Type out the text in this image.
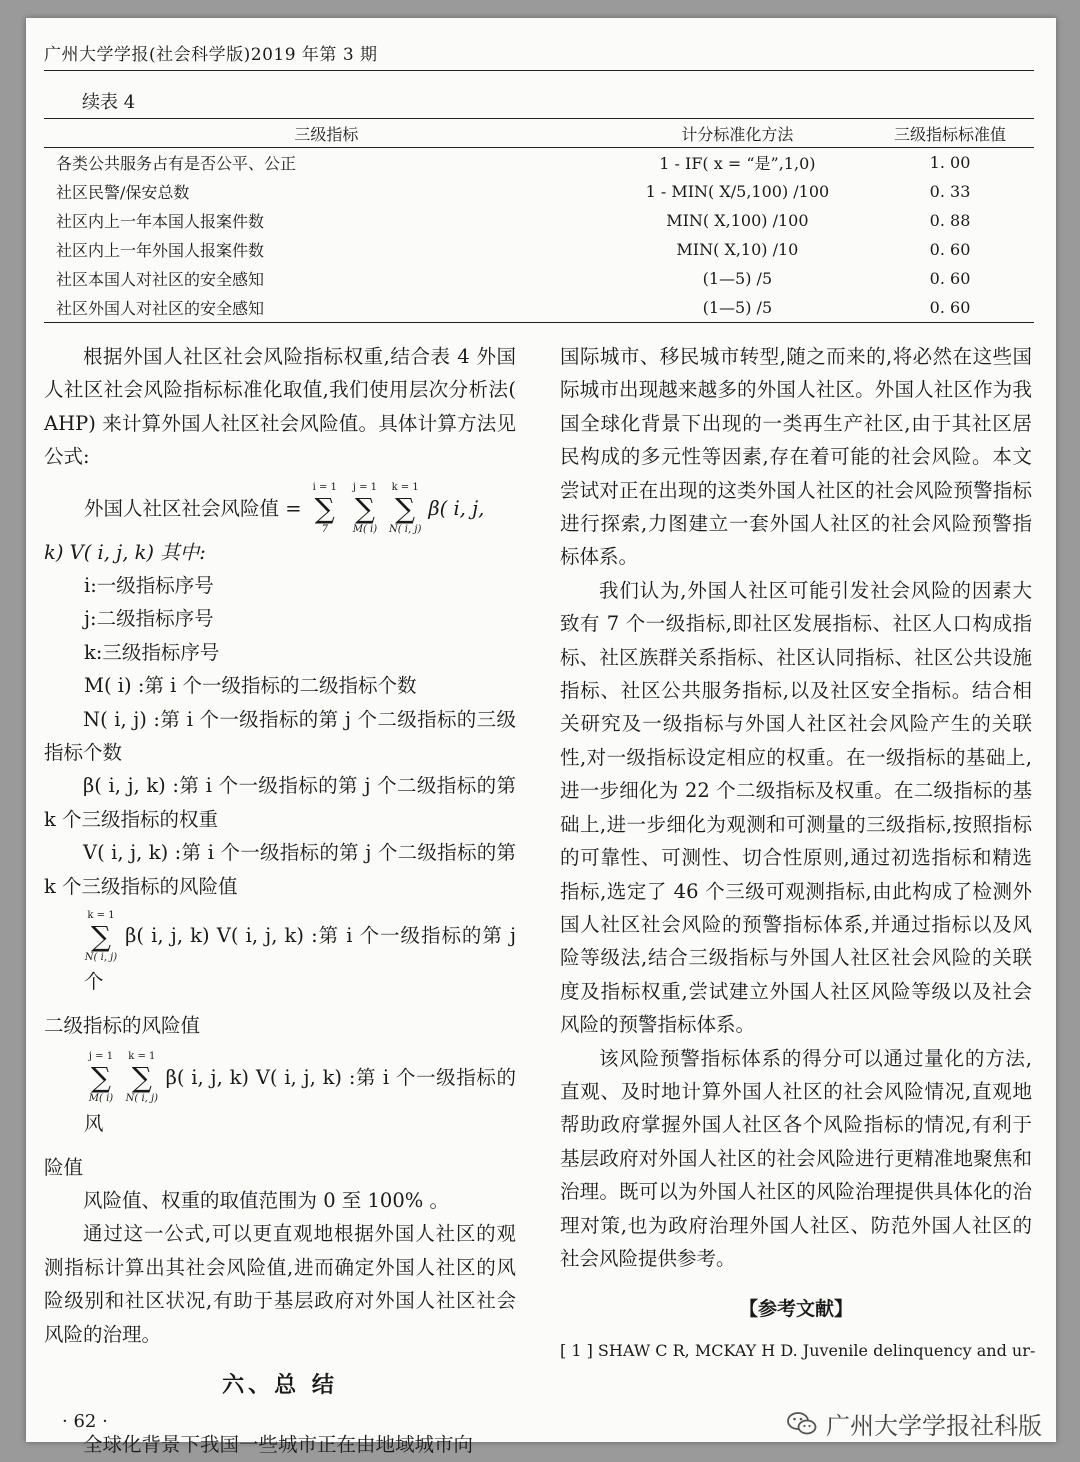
广州大学学报(社会科学版)2019 年第 3 期
续表 4
三级指标	计分标准化方法	三级指标标准值
各类公共服务占有是否公平、公正	1 - IF( x = “是”,1,0)	1. 00
社区民警/保安总数	1 - MIN( X/5,100) /100	0. 33
社区内上一年本国人报案件数	MIN( X,100) /100	0. 88
社区内上一年外国人报案件数	MIN( X,10) /10	0. 60
社区本国人对社区的安全感知	(1—5) /5	0. 60
社区外国人对社区的安全感知	(1—5) /5	0. 60

根据外国人社区社会风险指标权重,结合表 4 外国人社区社会风险指标标准化取值,我们使用层次分析法( AHP) 来计算外国人社区社会风险值。具体计算方法见公式:

外国人社区社会风险值 = ∑
i = 1
7
∑
j = 1
M( i)
∑
k = 1
N( i, j)
β( i, j,

k) V( i, j, k) 其中:

i:一级指标序号

j:二级指标序号

k:三级指标序号

M( i) :第 i 个一级指标的二级指标个数

N( i, j) :第 i 个一级指标的第 j 个二级指标的三级指标个数

β( i, j, k) :第 i 个一级指标的第 j 个二级指标的第 k 个三级指标的权重

V( i, j, k) :第 i 个一级指标的第 j 个二级指标的第 k 个三级指标的风险值

∑
k = 1
N( i, j)
β( i, j, k) V( i, j, k) :第 i 个一级指标的第 j 个

二级指标的风险值

∑
j = 1
M( i)
∑
k = 1
N( i, j)
β( i, j, k) V( i, j, k) :第 i 个一级指标的风

险值

风险值、权重的取值范围为 0 至 100% 。

通过这一公式,可以更直观地根据外国人社区的观测指标计算出其社会风险值,进而确定外国人社区的风险级别和社区状况,有助于基层政府对外国人社区社会风险的治理。

六、总 结

全球化背景下我国一些城市正在由地域城市向

国际城市、移民城市转型,随之而来的,将必然在这些国际城市出现越来越多的外国人社区。外国人社区作为我国全球化背景下出现的一类再生产社区,由于其社区居民构成的多元性等因素,存在着可能的社会风险。本文尝试对正在出现的这类外国人社区的社会风险预警指标进行探索,力图建立一套外国人社区的社会风险预警指标体系。

我们认为,外国人社区可能引发社会风险的因素大致有 7 个一级指标,即社区发展指标、社区人口构成指标、社区族群关系指标、社区认同指标、社区公共设施指标、社区公共服务指标,以及社区安全指标。结合相关研究及一级指标与外国人社区社会风险产生的关联性,对一级指标设定相应的权重。在一级指标的基础上,进一步细化为 22 个二级指标及权重。在二级指标的基础上,进一步细化为观测和可测量的三级指标,按照指标的可靠性、可测性、切合性原则,通过初选指标和精选指标,选定了 46 个三级可观测指标,由此构成了检测外国人社区社会风险的预警指标体系,并通过指标以及风险等级法,结合三级指标与外国人社区社会风险的关联度及指标权重,尝试建立外国人社区风险等级以及社会风险的预警指标体系。

该风险预警指标体系的得分可以通过量化的方法,直观、及时地计算外国人社区的社会风险情况,直观地帮助政府掌握外国人社区各个风险指标的情况,有利于基层政府对外国人社区的社会风险进行更精准地聚焦和治理。既可以为外国人社区的风险治理提供具体化的治理对策,也为政府治理外国人社区、防范外国人社区的社会风险提供参考。

【参考文献】
[ 1 ] SHAW C R, MCKAY H D. Juvenile delinquency and ur-
· 62 ·	广州大学学报社科版
